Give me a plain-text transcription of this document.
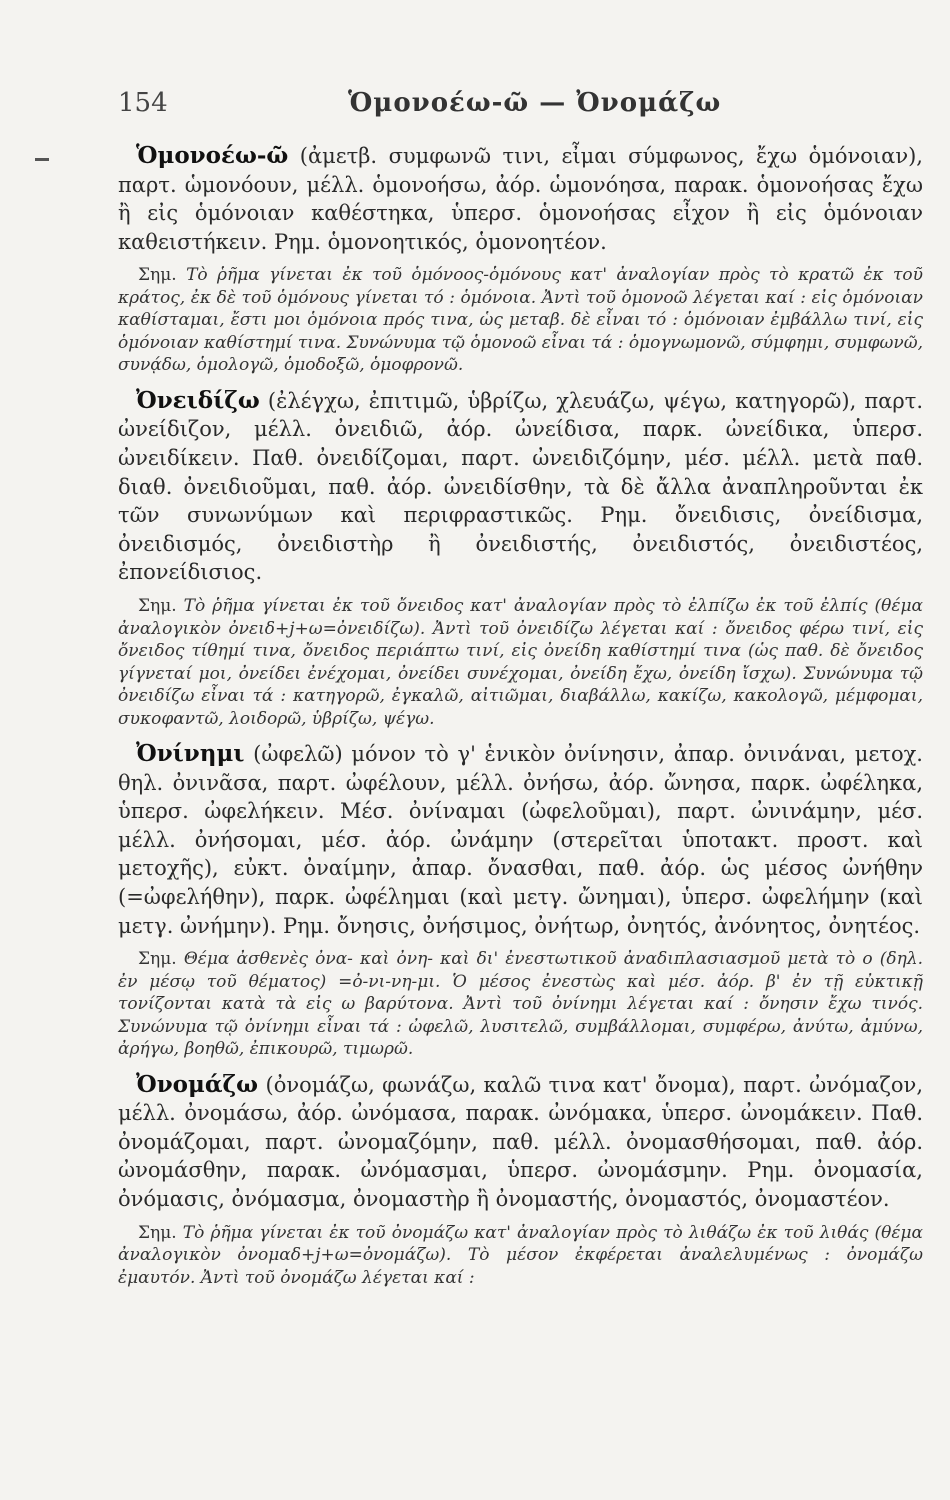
154	Ὁμονοέω-ῶ — Ὀνομάζω

Ὁμονοέω-ῶ (ἀμετβ. συμφωνῶ τινι, εἶμαι σύμφωνος, ἔχω ὁμόνοιαν), παρτ. ὡμονόουν, μέλλ. ὁμονοήσω, ἀόρ. ὡμονόησα, παρακ. ὁμονοήσας ἔχω ἢ εἰς ὁμόνοιαν καθέστηκα, ὑπερσ. ὁμονοήσας εἶχον ἢ εἰς ὁμόνοιαν καθειστήκειν. Ρημ. ὁμονοητικός, ὁμονοητέον.

Σημ. Τὸ ῥῆμα γίνεται ἐκ τοῦ ὁμόνοος-ὁμόνους κατ' ἀναλογίαν πρὸς τὸ κρατῶ ἐκ τοῦ κράτος, ἐκ δὲ τοῦ ὁμόνους γίνεται τό : ὁμόνοια. Ἀντὶ τοῦ ὁμονοῶ λέγεται καί : εἰς ὁμόνοιαν καθίσταμαι, ἔστι μοι ὁμόνοια πρός τινα, ὡς μεταβ. δὲ εἶναι τό : ὁμόνοιαν ἐμβάλλω τινί, εἰς ὁμόνοιαν καθίστημί τινα. Συνώνυμα τῷ ὁμονοῶ εἶναι τά : ὁμογνωμονῶ, σύμφημι, συμφωνῶ, συνᾴδω, ὁμολογῶ, ὁμοδοξῶ, ὁμοφρονῶ.

Ὀνειδίζω (ἐλέγχω, ἐπιτιμῶ, ὑβρίζω, χλευάζω, ψέγω, κατηγορῶ), παρτ. ὠνείδιζον, μέλλ. ὀνειδιῶ, ἀόρ. ὠνείδισα, παρκ. ὠνείδικα, ὑπερσ. ὠνειδίκειν. Παθ. ὀνειδίζομαι, παρτ. ὠνειδιζόμην, μέσ. μέλλ. μετὰ παθ. διαθ. ὀνειδιοῦμαι, παθ. ἀόρ. ὠνειδίσθην, τὰ δὲ ἄλλα ἀναπληροῦνται ἐκ τῶν συνωνύμων καὶ περιφραστικῶς. Ρημ. ὄνειδισις, ὀνείδισμα, ὀνειδισμός, ὀνειδιστὴρ ἢ ὀνειδιστής, ὀνειδιστός, ὀνειδιστέος, ἐπονείδισιος.

Σημ. Τὸ ῥῆμα γίνεται ἐκ τοῦ ὄνειδος κατ' ἀναλογίαν πρὸς τὸ ἐλπίζω ἐκ τοῦ ἐλπίς (θέμα ἀναλογικὸν ὀνειδ+j+ω=ὀνειδίζω). Ἀντὶ τοῦ ὀνειδίζω λέγεται καί : ὄνειδος φέρω τινί, εἰς ὄνειδος τίθημί τινα, ὄνειδος περιάπτω τινί, εἰς ὀνείδη καθίστημί τινα (ὡς παθ. δὲ ὄνειδος γίγνεταί μοι, ὀνείδει ἐνέχομαι, ὀνείδει συνέχομαι, ὀνείδη ἔχω, ὀνείδη ἴσχω). Συνώνυμα τῷ ὀνειδίζω εἶναι τά : κατηγορῶ, ἐγκαλῶ, αἰτιῶμαι, διαβάλλω, κακίζω, κακολογῶ, μέμφομαι, συκοφαντῶ, λοιδορῶ, ὑβρίζω, ψέγω.

Ὀνίνημι (ὠφελῶ) μόνον τὸ γ' ἑνικὸν ὀνίνησιν, ἀπαρ. ὀνινάναι, μετοχ. θηλ. ὀνινᾶσα, παρτ. ὠφέλουν, μέλλ. ὀνήσω, ἀόρ. ὤνησα, παρκ. ὠφέληκα, ὑπερσ. ὠφελήκειν. Μέσ. ὀνίναμαι (ὠφελοῦμαι), παρτ. ὠνινάμην, μέσ. μέλλ. ὀνήσομαι, μέσ. ἀόρ. ὠνάμην (στερεῖται ὑποτακτ. προστ. καὶ μετοχῆς), εὐκτ. ὀναίμην, ἀπαρ. ὄνασθαι, παθ. ἀόρ. ὡς μέσος ὠνήθην (=ὠφελήθην), παρκ. ὠφέλημαι (καὶ μετγ. ὤνημαι), ὑπερσ. ὠφελήμην (καὶ μετγ. ὠνήμην). Ρημ. ὄνησις, ὀνήσιμος, ὀνήτωρ, ὀνητός, ἀνόνητος, ὀνητέος.

Σημ. Θέμα ἀσθενὲς ὀνα- καὶ ὀνη- καὶ δι' ἐνεστωτικοῦ ἀναδιπλασιασμοῦ μετὰ τὸ ο (δηλ. ἐν μέσῳ τοῦ θέματος) =ὀ-νι-νη-μι. Ὁ μέσος ἐνεστὼς καὶ μέσ. ἀόρ. β' ἐν τῇ εὐκτικῇ τονίζονται κατὰ τὰ εἰς ω βαρύτονα. Ἀντὶ τοῦ ὀνίνημι λέγεται καί : ὄνησιν ἔχω τινός. Συνώνυμα τῷ ὀνίνημι εἶναι τά : ὠφελῶ, λυσιτελῶ, συμβάλλομαι, συμφέρω, ἀνύτω, ἀμύνω, ἀρήγω, βοηθῶ, ἐπικουρῶ, τιμωρῶ.

Ὀνομάζω (ὀνομάζω, φωνάζω, καλῶ τινα κατ' ὄνομα), παρτ. ὠνόμαζον, μέλλ. ὀνομάσω, ἀόρ. ὠνόμασα, παρακ. ὠνόμακα, ὑπερσ. ὠνομάκειν. Παθ. ὀνομάζομαι, παρτ. ὠνομαζόμην, παθ. μέλλ. ὀνομασθήσομαι, παθ. ἀόρ. ὠνομάσθην, παρακ. ὠνόμασμαι, ὑπερσ. ὠνομάσμην. Ρημ. ὀνομασία, ὀνόμασις, ὀνόμασμα, ὀνομαστὴρ ἢ ὀνομαστής, ὀνομαστός, ὀνομαστέον.

Σημ. Τὸ ῥῆμα γίνεται ἐκ τοῦ ὀνομάζω κατ' ἀναλογίαν πρὸς τὸ λιθάζω ἐκ τοῦ λιθάς (θέμα ἀναλογικὸν ὀνομαδ+j+ω=ὀνομάζω). Τὸ μέσον ἐκφέρεται ἀναλελυμένως : ὀνομάζω ἐμαυτόν. Ἀντὶ τοῦ ὀνομάζω λέγεται καί :
